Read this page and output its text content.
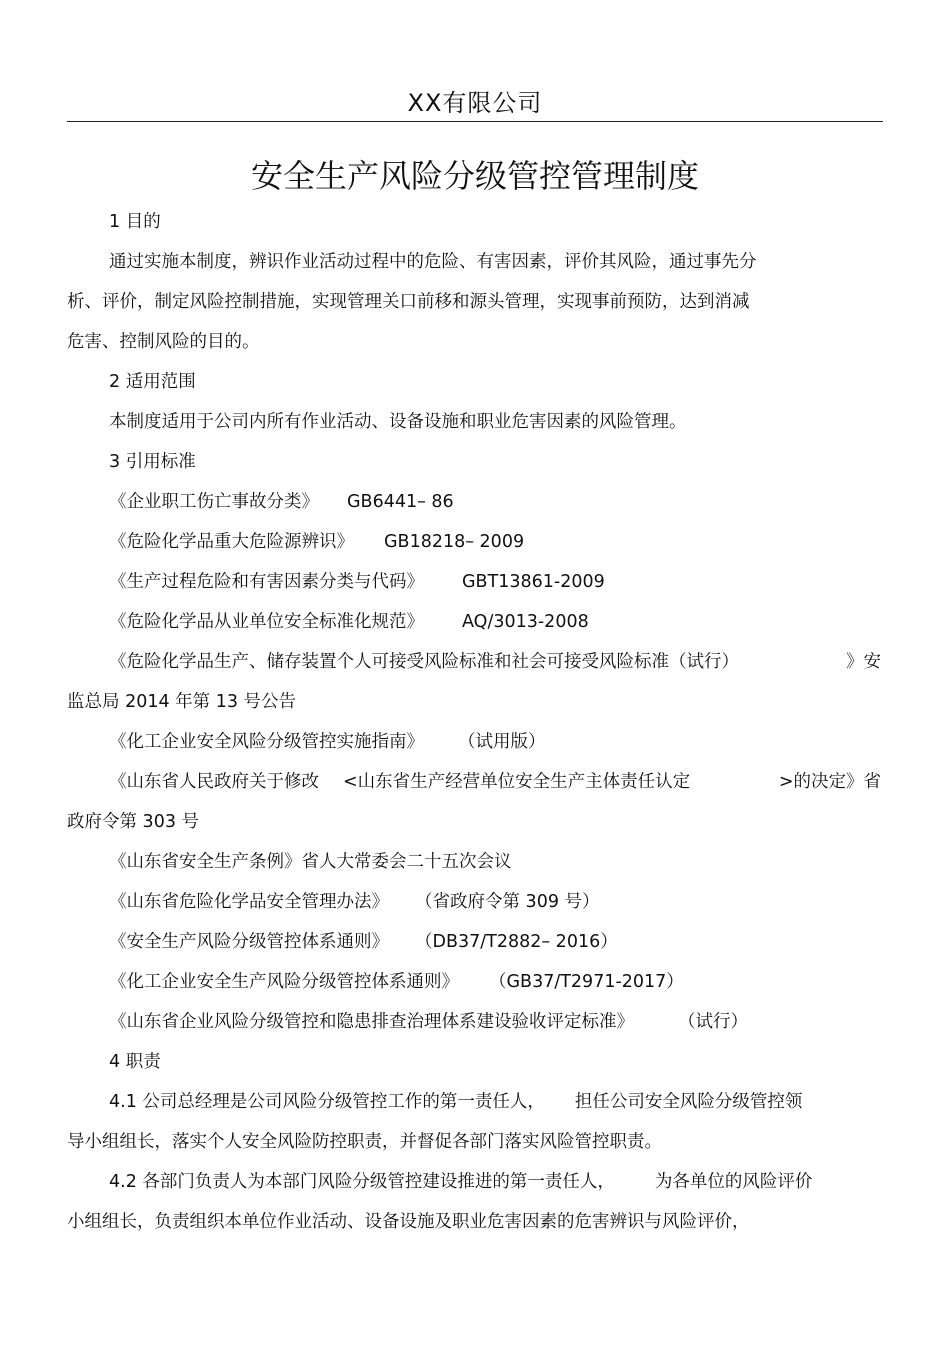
XX有限公司
安全生产风险分级管控管理制度
1 目的
通过实施本制度，辨识作业活动过程中的危险、有害因素，评价其风险，通过事先分
析、评价，制定风险控制措施，实现管理关口前移和源头管理，实现事前预防，达到消减
危害、控制风险的目的。
2 适用范围
本制度适用于公司内所有作业活动、设备设施和职业危害因素的风险管理。
3 引用标准
《企业职工伤亡事故分类》 GB6441– 86
《危险化学品重大危险源辨识》 GB18218– 2009
《生产过程危险和有害因素分类与代码》 GBT13861-2009
《危险化学品从业单位安全标准化规范》 AQ/3013-2008
《危险化学品生产、储存装置个人可接受风险标准和社会可接受风险标准（试行）	》安
监总局 2014 年第 13 号公告
《化工企业安全风险分级管控实施指南》 （试用版）
《山东省人民政府关于修改 <山东省生产经营单位安全生产主体责任认定	>的决定》省
政府令第 303 号
《山东省安全生产条例》省人大常委会二十五次会议
《山东省危险化学品安全管理办法》 （省政府令第 309 号）
《安全生产风险分级管控体系通则》 （DB37/T2882– 2016）
《化工企业安全生产风险分级管控体系通则》 （GB37/T2971-2017）
《山东省企业风险分级管控和隐患排查治理体系建设验收评定标准》	（试行）
4 职责
4.1 公司总经理是公司风险分级管控工作的第一责任人， 担任公司安全风险分级管控领
导小组组长，落实个人安全风险防控职责，并督促各部门落实风险管控职责。
4.2 各部门负责人为本部门风险分级管控建设推进的第一责任人， 为各单位的风险评价
小组组长，负责组织本单位作业活动、设备设施及职业危害因素的危害辨识与风险评价，
